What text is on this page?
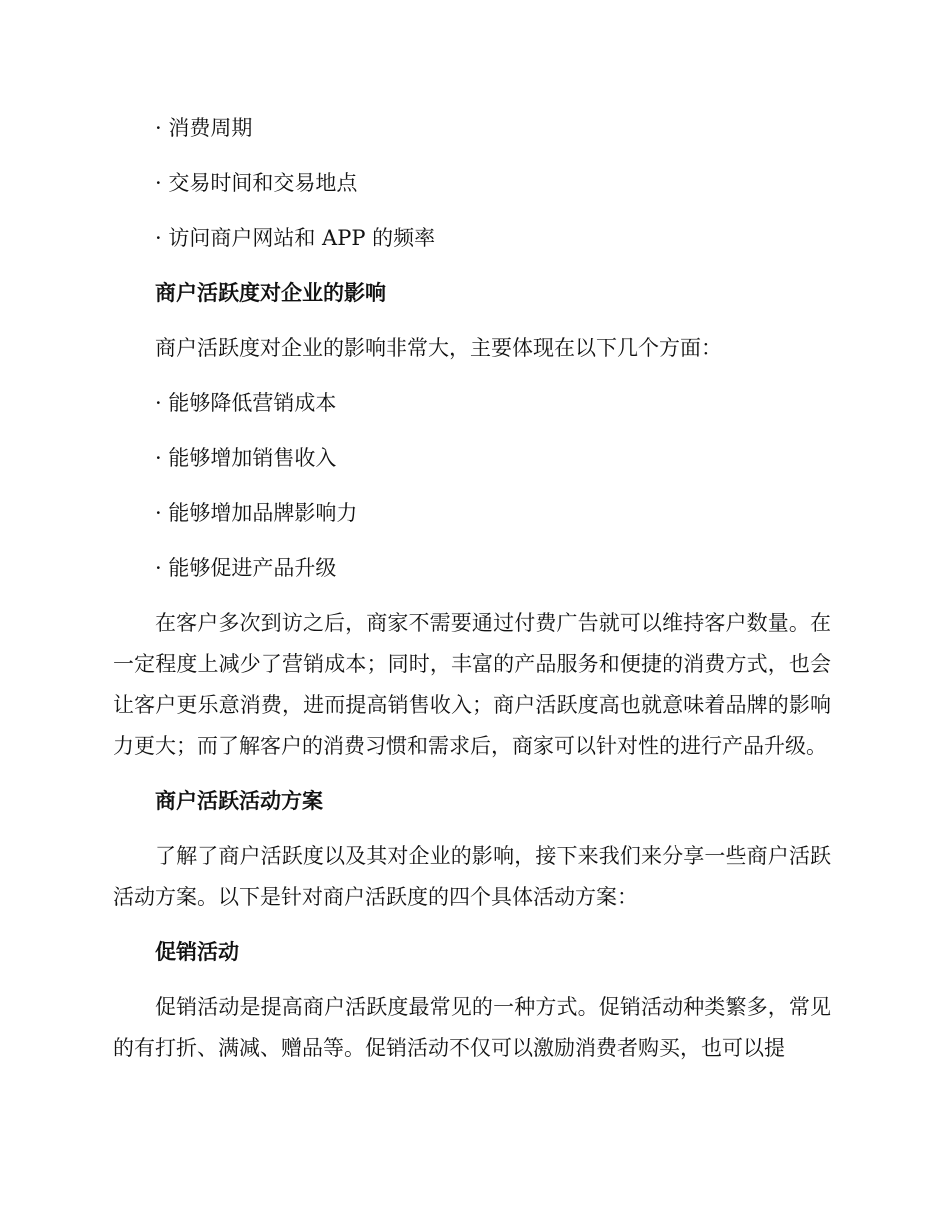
· 消费周期

· 交易时间和交易地点

· 访问商户网站和 APP 的频率

商户活跃度对企业的影响

商户活跃度对企业的影响非常大，主要体现在以下几个方面：

· 能够降低营销成本

· 能够增加销售收入

· 能够增加品牌影响力

· 能够促进产品升级

在客户多次到访之后，商家不需要通过付费广告就可以维持客户数量。在一定程度上减少了营销成本；同时，丰富的产品服务和便捷的消费方式，也会让客户更乐意消费，进而提高销售收入；商户活跃度高也就意味着品牌的影响力更大；而了解客户的消费习惯和需求后，商家可以针对性的进行产品升级。

商户活跃活动方案

了解了商户活跃度以及其对企业的影响，接下来我们来分享一些商户活跃活动方案。以下是针对商户活跃度的四个具体活动方案：

促销活动

促销活动是提高商户活跃度最常见的一种方式。促销活动种类繁多，常见的有打折、满减、赠品等。促销活动不仅可以激励消费者购买，也可以提
